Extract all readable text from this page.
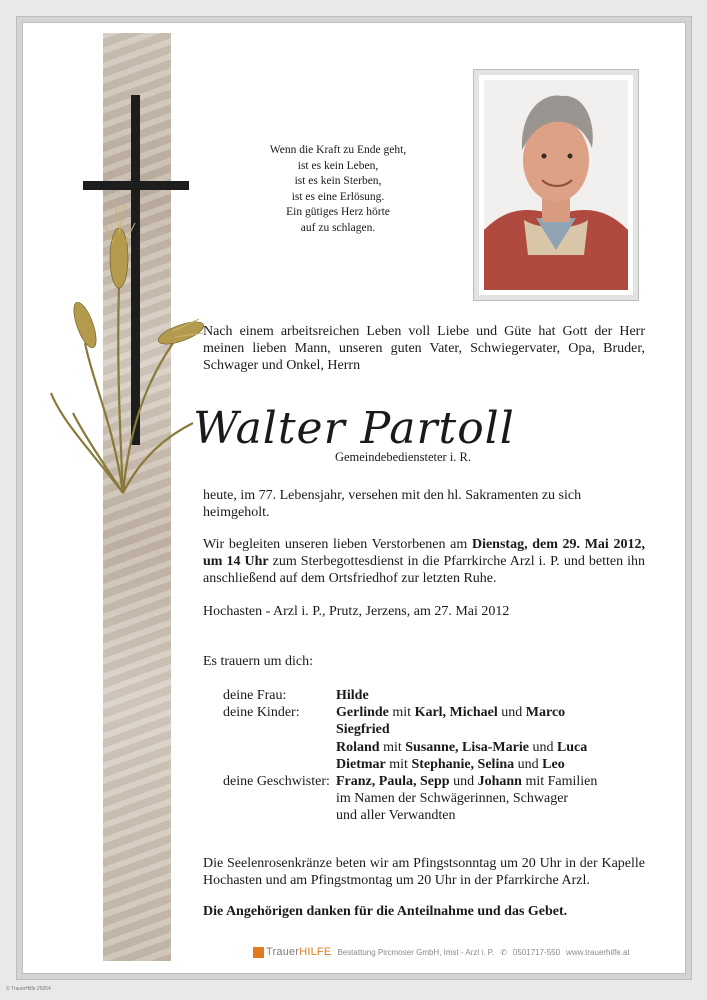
Wenn die Kraft zu Ende geht,
ist es kein Leben,
ist es kein Sterben,
ist es eine Erlösung.
Ein gütiges Herz hörte
auf zu schlagen.
Nach einem arbeitsreichen Leben voll Liebe und Güte hat Gott der Herr
meinen lieben Mann, unseren guten Vater, Schwiegervater, Opa, Bruder,
Schwager und Onkel, Herrn
Walter Partoll
Gemeindebediensteter i. R.
heute, im 77. Lebensjahr, versehen mit den hl. Sakramenten zu sich heimgeholt.
Wir begleiten unseren lieben Verstorbenen am Dienstag, dem 29. Mai 2012,
um 14 Uhr zum Sterbegottesdienst in die Pfarrkirche Arzl i. P. und betten ihn
anschließend auf dem Ortsfriedhof zur letzten Ruhe.
Hochasten - Arzl i. P., Prutz, Jerzens, am 27. Mai 2012
Es trauern um dich:
deine Frau:	Hilde
deine Kinder:	Gerlinde mit Karl, Michael und Marco
Siegfried
Roland mit Susanne, Lisa-Marie und Luca
Dietmar mit Stephanie, Selina und Leo
deine Geschwister: Franz, Paula, Sepp und Johann mit Familien
im Namen der Schwägerinnen, Schwager
und aller Verwandten
Die Seelenrosenkränze beten wir am Pfingstsonntag um 20 Uhr in der Kapelle
Hochasten und am Pfingstmontag um 20 Uhr in der Pfarrkirche Arzl.
Die Angehörigen danken für die Anteilnahme und das Gebet.
TrauerHILFE Bestattung Pircmoser GmbH, Imst - Arzl i. P. ✆ 0501717-550 www.trauerhilfe.at
© TrauerHilfe 25054
